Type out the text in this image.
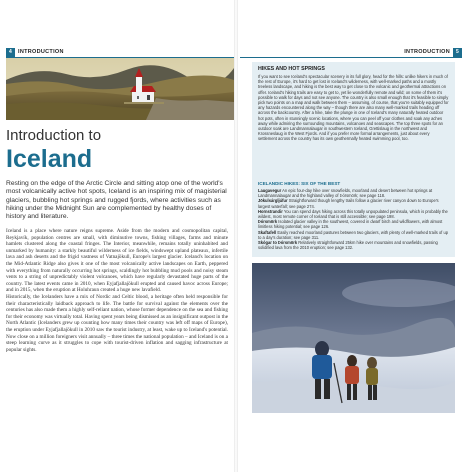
4	INTRODUCTION
Introduction to
Iceland
Resting on the edge of the Arctic Circle and sitting atop one of the world's most volcanically active hot spots, Iceland is an inspiring mix of magisterial glaciers, bubbling hot springs and rugged fjords, where activities such as hiking under the Midnight Sun are complemented by healthy doses of history and literature.

Iceland is a place where nature reigns supreme. Aside from the modern and cosmopolitan capital, Reykjavík, population centres are small, with diminutive towns, fishing villages, farms and minute hamlets clustered along the coastal fringes. The Interior, meanwhile, remains totally uninhabited and unmarked by humanity: a starkly beautiful wilderness of ice fields, windswept upland plateaux, infertile lava and ash deserts and the frigid vastness of Vatnajökull, Europe's largest glacier. Iceland's location on the Mid-Atlantic Ridge also gives it one of the most volcanically active landscapes on Earth, peppered with everything from naturally occurring hot springs, scaldingly hot bubbling mud pools and noisy steam vents to a string of unpredictably violent volcanoes, which have regularly devastated huge parts of the country. The latest events came in 2010, when Eyjafjallajökull erupted and caused havoc across Europe; and in 2015, when the eruption at Holuhraun created a huge new lavafield.

Historically, the Icelanders have a mix of Nordic and Celtic blood, a heritage often held responsible for their characteristically laidback approach to life. The battle for survival against the elements over the centuries has also made them a highly self-reliant nation, whose former dependence on the sea and fishing for their economy was virtually total. Having spent years being dismissed as an insignificant outpost in the North Atlantic (Icelanders grew up counting how many times their country was left off maps of Europe), the eruption under Eyjafjallajökull in 2010 saw the tourist industry, at least, wake up to Iceland's potential. Now close on a million foreigners visit annually – three times the national population – and Iceland is on a steep learning curve as it struggles to cope with tourist-driven inflation and sagging infrastructure at popular sights.

INTRODUCTION	5
HIKES AND HOT SPRINGS
If you want to see Iceland's spectacular scenery in its full glory, head for the hills: unlike hikers in much of the rest of Europe, it's hard to get lost in Iceland's wilderness, with well-marked paths and a mostly treeless landscape, and hiking is the best way to get close to the volcanic and geothermal attractions on offer. Iceland's hiking trails are easy to get to, yet lie wonderfully remote and wild; on some of them it's possible to walk for days and not see anyone. The country is also small enough that it's feasible to simply pick two points on a map and walk between them – assuming, of course, that you're suitably equipped for any hazards encountered along the way – though there are also many well-marked trails heading off across the backcountry. After a hike, take the plunge in one of Iceland's many naturally heated outdoor hot pots, often in stunningly scenic locations, where you can peel off your clothes and soak any aches away while admiring the surrounding mountains, volcanoes and seascapes. The top three spots for an outdoor soak are Landmannalaugar in southwestern Iceland, Grettislaug in the northwest and Krossneslaug in the West Fjords. And if you prefer more formal arrangements, just about every settlement across the country has its own geothermally heated swimming pool, too.
ICELANDIC HIKES: SIX OF THE BEST
Laugavegur An epic four-day hike over snowfields, moorland and desert between hot springs at Landmannalaugar and the highland valley of Þórsmörk; see page 118.
Jökulsárgljúfur Straightforward though lengthy trails follow a glacier river canyon down to Europe's largest waterfall; see page 274.
Hornstrandir You can spend days hiking across this totally unpopulated peninsula, which is probably the wildest, most remote corner of Iceland that is still accessible; see page 198.
Þórsmörk Isolated glacier valley in the southwest, covered in dwarf birch and wildflowers, with almost limitless hiking potential; see page 126.
Skaftafell Easily reached moorland pastures between two glaciers, with plenty of well-marked trails of up to a day's duration; see page 311.
Skógar to Þórsmörk Relatively straightforward 25km hike over mountains and snowfields, passing solidified lava from the 2010 eruption; see page 132.
